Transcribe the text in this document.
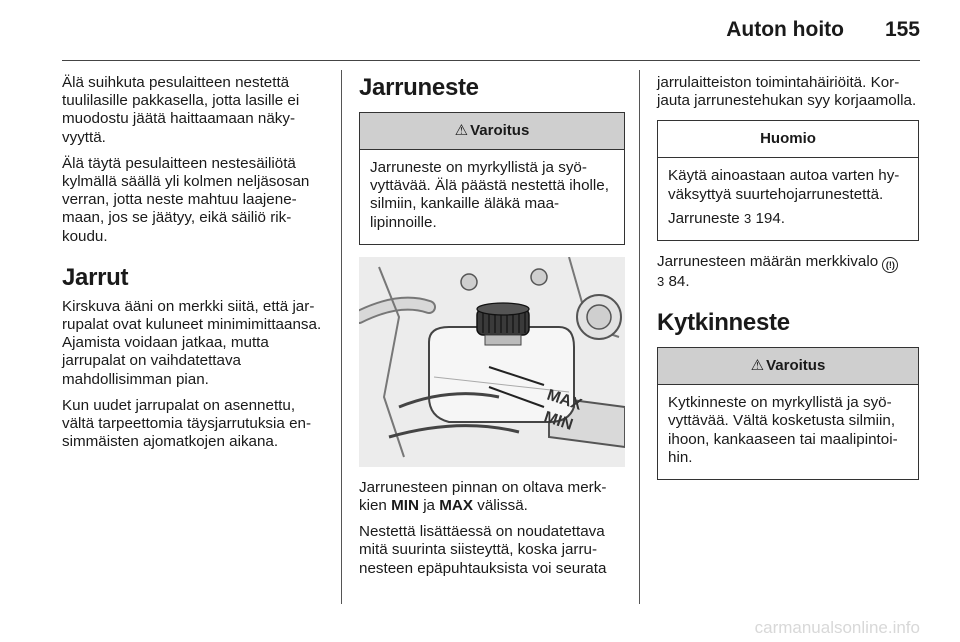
Auton hoito 155

Älä suihkuta pesulaitteen nestettä tuulilasille pakkasella, jotta lasille ei muodostu jäätä haittaamaan näkyvyyttä.

Älä täytä pesulaitteen nestesäiliötä kylmällä säällä yli kolmen neljäsosan verran, jotta neste mahtuu laajenemaan, jos se jäätyy, eikä säiliö rikkoudu.

Jarrut

Kirskuva ääni on merkki siitä, että jarrupalat ovat kuluneet minimimittaansa. Ajamista voidaan jatkaa, mutta jarrupalat on vaihdatettava mahdollisimman pian.

Kun uudet jarrupalat on asennettu, vältä tarpeettomia täysjarrutuksia ensimmäisten ajomatkojen aikana.

Jarruneste
⚠ Varoitus

Jarruneste on myrkyllistä ja syövyttävää. Älä päästä nestettä iholle, silmiin, kankaille äläkä maalipinnoille.

MAX
MIN

Jarrunesteen pinnan on oltava merkkien MIN ja MAX välissä.

Nestettä lisättäessä on noudatettava mitä suurinta siisteyttä, koska jarrunesteen epäpuhtauksista voi seurata

jarrulaitteiston toimintahäiriöitä. Korjauta jarrunestehukan syy korjaamolla.

Huomio

Käytä ainoastaan autoa varten hyväksyttyä suurtehojarrunestettä.

Jarruneste 3 194.

Jarrunesteen määrän merkkivalo (!)
3 84.

Kytkinneste
⚠ Varoitus

Kytkinneste on myrkyllistä ja syövyttävää. Vältä kosketusta silmiin, ihoon, kankaaseen tai maalipintoihin.

carmanualsonline.info
